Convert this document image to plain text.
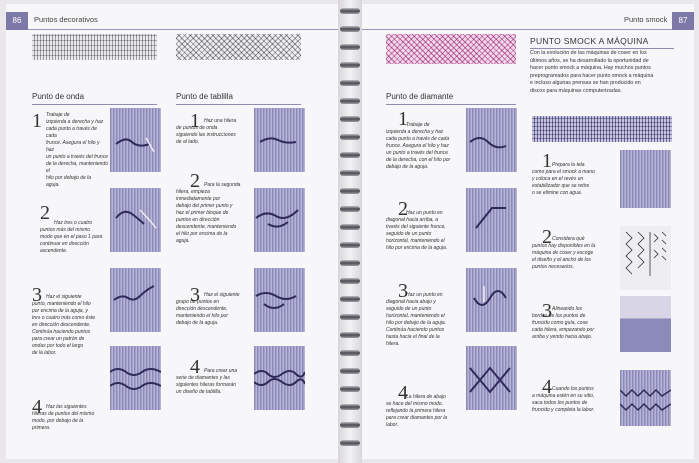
86	Puntos decorativos
Punto de onda
1 Trabaje de
izquierda a derecha y haz
cada punto a través de cada
fruncé. Asegura el hilo y haz
un punto a través del frunce
de la derecha, manteniendo el
hilo por debajo de la
aguja.
2 Haz tres o cuatro
puntos más del mismo
modo que en el paso 1 para
continuar en dirección
ascendente.
3 Haz el siguiente
punto, manteniendo el hilo
por encima de la aguja, y
tres o cuatro más como éste
en dirección descendente.
Continúa haciendo puntos
para crear un patrón de
ondas por todo el largo
de la labor.
4 Haz las siguientes
hileras de puntos del mismo
modo, por debajo de la
primera.
Punto de tablilla
1 Haz una hilera
de puntos de onda
siguiendo las instrucciones
de al lado.
2 Para la segunda
hilera, empieza
inmediatamente por
debajo del primer punto y
haz el primer bloque de
puntos en dirección
descendente, manteniendo
el hilo por encima de la
aguja.
3 Haz el siguiente
grupo de puntos en
dirección descendente,
manteniendo el hilo por
debajo de la aguja.
4 Para crear una
serie de diamantes y las
siguientes hileras formarán
un diseño de tablilla.
Punto smock	87
Punto de diamante
1
Trabaje de
izquierda a derecha y haz
cada punto a través de cada
frunce. Asegura el hilo y haz
un punto a través del frunce
de la derecha, con el hilo por
debajo de la aguja.
2
Haz un punto en
diagonal hacia arriba, a
través del siguiente frunce,
seguido de un punto
horizontal, manteniendo el
hilo por encima de la aguja.
3
Haz un punto en
diagonal hacia abajo y
seguido de un punto
horizontal, manteniendo el
hilo por debajo de la aguja.
Continúa haciendo puntos
hasta hacia el final de la
hilera.
4
La hilera de abajo
se hace del mismo modo,
reflejando la primera hilera
para crear diamantes por la
labor.
PUNTO SMOCK A MÁQUINA
Con la evolución de las máquinas de coser en los
últimos años, se ha desarrollado la oportunidad de
hacer punto smock a máquina. Hay muchos puntos
preprogramados para hacer punto smock a máquina
e incluso algunas prensas se han producido en
discos para máquinas computerizadas.
1 Prepara la tela
como para el smock a mano
y coloca en el revés un
estabilizador que se retire
o se elimine con agua.
2 Considera qué
puntos hay disponibles en la
máquina de coser y escoge
el diseño y el ancho de los
puntos necesarios.
3 Alineando los
bordes de los puntos de
fruncido como guía, cose
cada hilera, empezando por
arriba y yendo hacia abajo.
4 Cuando los puntos
a máquina estén en su sitio,
saca todos los puntos de
fruncido y completa la labor.
